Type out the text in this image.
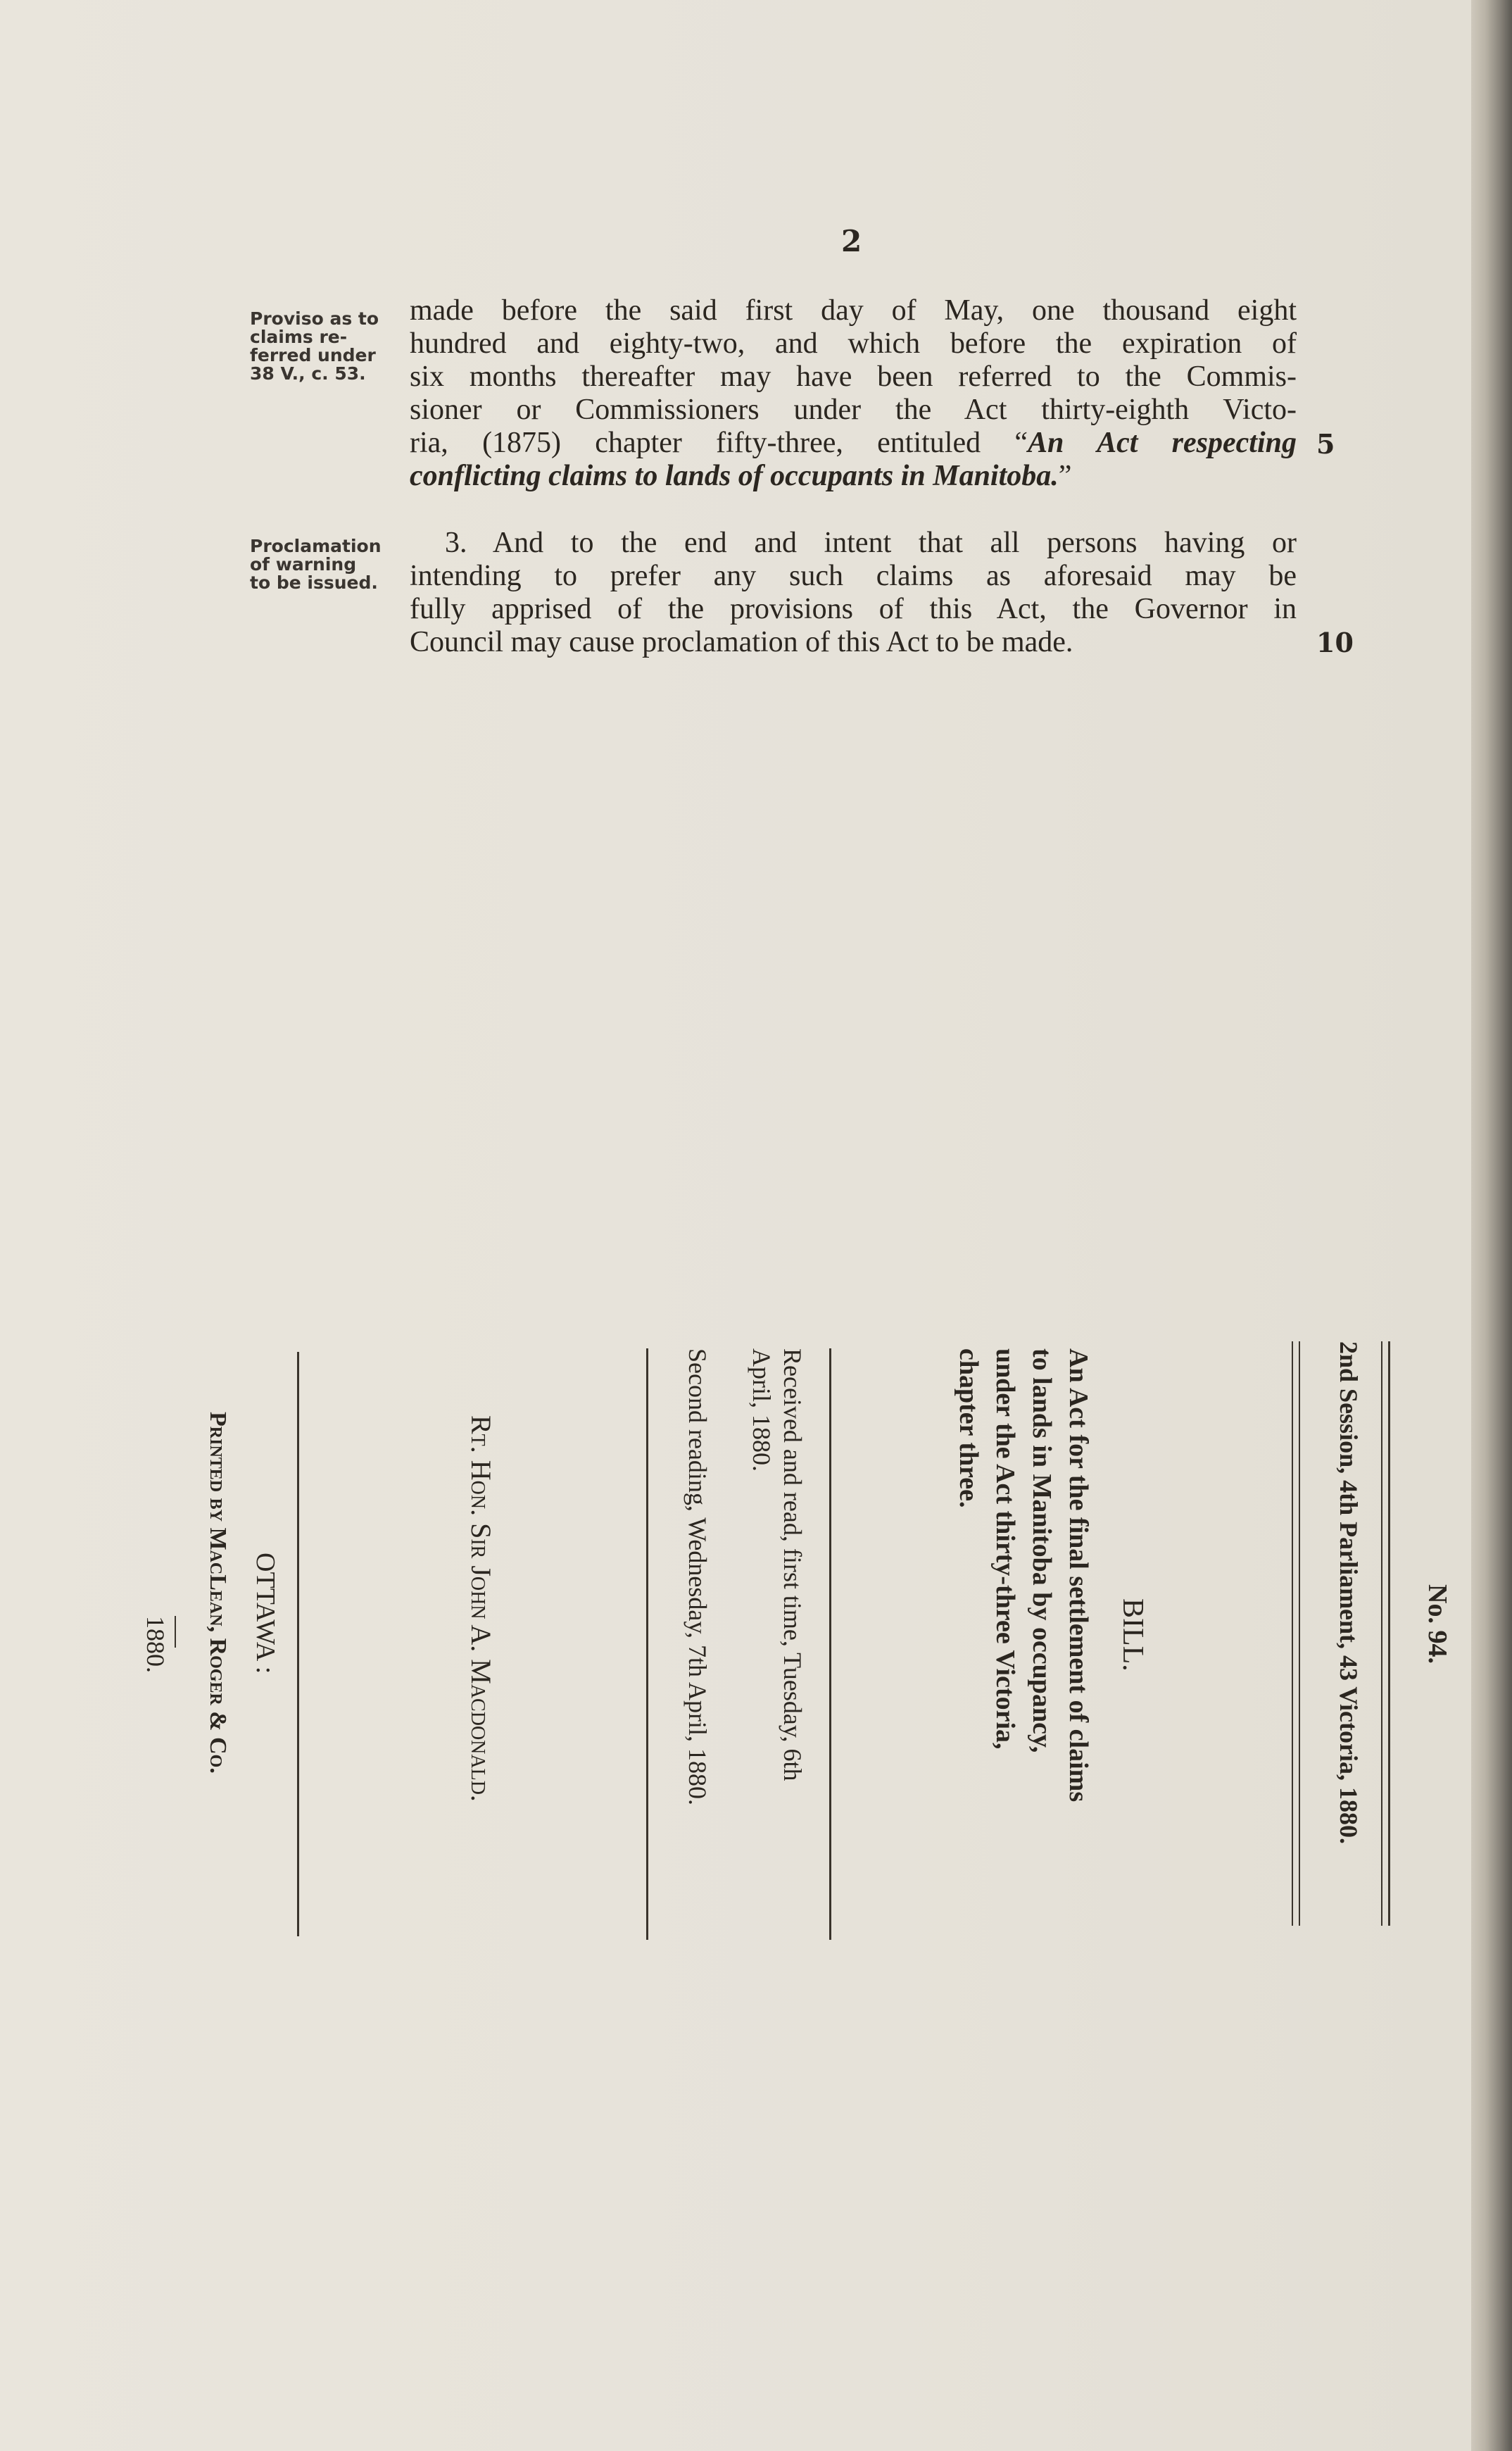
2
Proviso as to
claims re-
ferred under
38 V., c. 53.
Proclamation
of warning
to be issued.
made before the said first day of May, one thousand eight
hundred and eighty-two, and which before the expiration of
six months thereafter may have been referred to the Commis-
sioner or Commissioners under the Act thirty-eighth Victo-
ria, (1875) chapter fifty-three, entituled “An Act respecting
conflicting claims to lands of occupants in Manitoba.”
5
3. And to the end and intent that all persons having or
intending to prefer any such claims as aforesaid may be
fully apprised of the provisions of this Act, the Governor in
Council may cause proclamation of this Act to be made.	10
No. 94.
2nd Session, 4th Parliament, 43 Victoria, 1880.
BILL.
An Act for the final settlement of claims
to lands in Manitoba by occupancy,
under the Act thirty-three Victoria,
chapter three.
Received and read, first time, Tuesday, 6th
April, 1880.
Second reading, Wednesday, 7th April, 1880.
Rt. Hon. Sir John A. Macdonald.
OTTAWA :
Printed by MacLean, Roger & Co.
1880.
